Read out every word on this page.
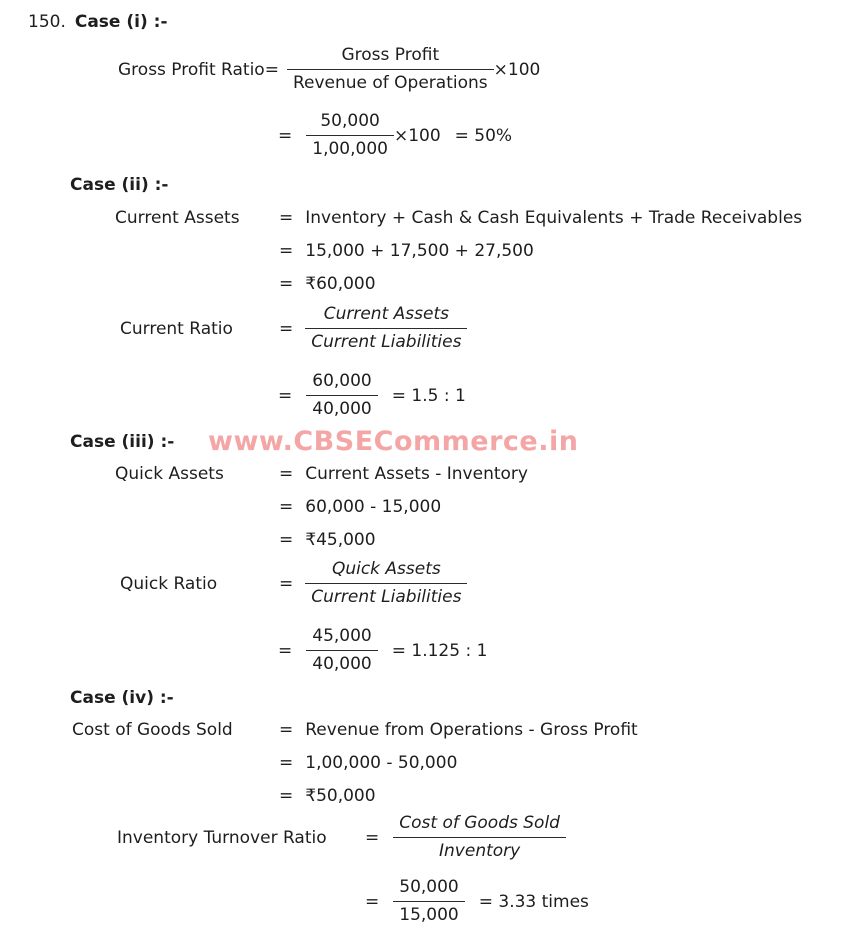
www.CBSECommerce.in
150. Case (i) :-
Gross Profit Ratio= $\frac{\text{Gross Profit}}{\text{Revenue of Operations}} \times 100$
= $\frac{50,000}{1,00,000} \times 100 = 50\%$
Case (ii) :-
Current Assets	= Inventory + Cash & Cash Equivalents + Trade Receivables
= 15,000 + 17,500 + 27,500
= ₹60,000
Current Ratio	= $\frac{\text{Current Assets}}{\text{Current Liabilities}}$
= $\frac{60,000}{40,000} = 1.5$ : 1
Case (iii) :-
Quick Assets	= Current Assets - Inventory
= 60,000 - 15,000
= ₹45,000
Quick Ratio	= $\frac{\text{Quick Assets}}{\text{Current Liabilities}}$
= $\frac{45,000}{40,000} = 1.125$ : 1
Case (iv) :-
Cost of Goods Sold	= Revenue from Operations - Gross Profit
= 1,00,000 - 50,000
= ₹50,000
Inventory Turnover Ratio	= $\frac{\text{Cost of Goods Sold}}{\text{Inventory}}$
= $\frac{50,000}{15,000} = 3.33$ times
